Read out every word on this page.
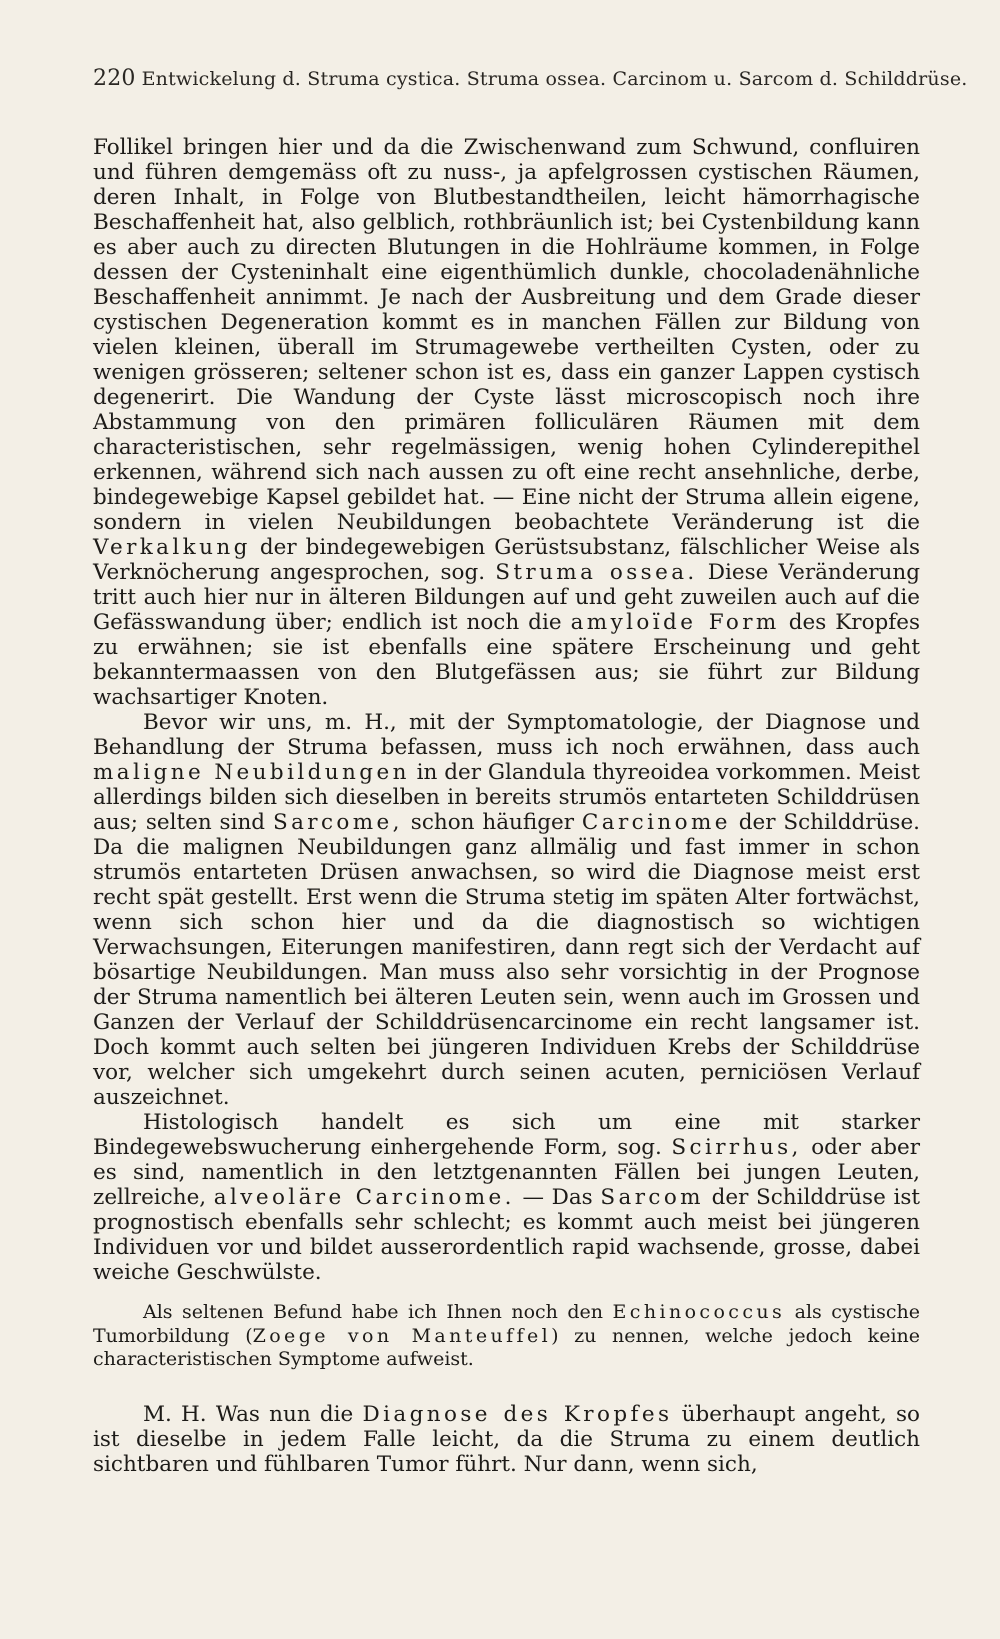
220 Entwickelung d. Struma cystica. Struma ossea. Carcinom u. Sarcom d. Schilddrüse.

Follikel bringen hier und da die Zwischenwand zum Schwund, confluiren und führen demgemäss oft zu nuss-, ja apfelgrossen cystischen Räumen, deren Inhalt, in Folge von Blutbestandtheilen, leicht hämorrhagische Beschaffenheit hat, also gelblich, rothbräunlich ist; bei Cystenbildung kann es aber auch zu directen Blutungen in die Hohlräume kommen, in Folge dessen der Cysteninhalt eine eigenthümlich dunkle, chocoladenähnliche Beschaffenheit annimmt. Je nach der Ausbreitung und dem Grade dieser cystischen Degeneration kommt es in manchen Fällen zur Bildung von vielen kleinen, überall im Strumagewebe vertheilten Cysten, oder zu wenigen grösseren; seltener schon ist es, dass ein ganzer Lappen cystisch degenerirt. Die Wandung der Cyste lässt microscopisch noch ihre Abstammung von den primären folliculären Räumen mit dem characteristischen, sehr regelmässigen, wenig hohen Cylinderepithel erkennen, während sich nach aussen zu oft eine recht ansehnliche, derbe, bindegewebige Kapsel gebildet hat. — Eine nicht der Struma allein eigene, sondern in vielen Neubildungen beobachtete Veränderung ist die Verkalkung der bindegewebigen Gerüstsubstanz, fälschlicher Weise als Verknöcherung angesprochen, sog. Struma ossea. Diese Veränderung tritt auch hier nur in älteren Bildungen auf und geht zuweilen auch auf die Gefässwandung über; endlich ist noch die amyloïde Form des Kropfes zu erwähnen; sie ist ebenfalls eine spätere Erscheinung und geht bekanntermaassen von den Blutgefässen aus; sie führt zur Bildung wachsartiger Knoten.

Bevor wir uns, m. H., mit der Symptomatologie, der Diagnose und Behandlung der Struma befassen, muss ich noch erwähnen, dass auch maligne Neubildungen in der Glandula thyreoidea vorkommen. Meist allerdings bilden sich dieselben in bereits strumös entarteten Schilddrüsen aus; selten sind Sarcome, schon häufiger Carcinome der Schilddrüse. Da die malignen Neubildungen ganz allmälig und fast immer in schon strumös entarteten Drüsen anwachsen, so wird die Diagnose meist erst recht spät gestellt. Erst wenn die Struma stetig im späten Alter fortwächst, wenn sich schon hier und da die diagnostisch so wichtigen Verwachsungen, Eiterungen manifestiren, dann regt sich der Verdacht auf bösartige Neubildungen. Man muss also sehr vorsichtig in der Prognose der Struma namentlich bei älteren Leuten sein, wenn auch im Grossen und Ganzen der Verlauf der Schilddrüsencarcinome ein recht langsamer ist. Doch kommt auch selten bei jüngeren Individuen Krebs der Schilddrüse vor, welcher sich umgekehrt durch seinen acuten, perniciösen Verlauf auszeichnet.

Histologisch handelt es sich um eine mit starker Bindegewebswucherung einhergehende Form, sog. Scirrhus, oder aber es sind, namentlich in den letztgenannten Fällen bei jungen Leuten, zellreiche, alveoläre Carcinome. — Das Sarcom der Schilddrüse ist prognostisch ebenfalls sehr schlecht; es kommt auch meist bei jüngeren Individuen vor und bildet ausserordentlich rapid wachsende, grosse, dabei weiche Geschwülste.

Als seltenen Befund habe ich Ihnen noch den Echinococcus als cystische Tumorbildung (Zoege von Manteuffel) zu nennen, welche jedoch keine characteristischen Symptome aufweist.

M. H. Was nun die Diagnose des Kropfes überhaupt angeht, so ist dieselbe in jedem Falle leicht, da die Struma zu einem deutlich sichtbaren und fühlbaren Tumor führt. Nur dann, wenn sich,
